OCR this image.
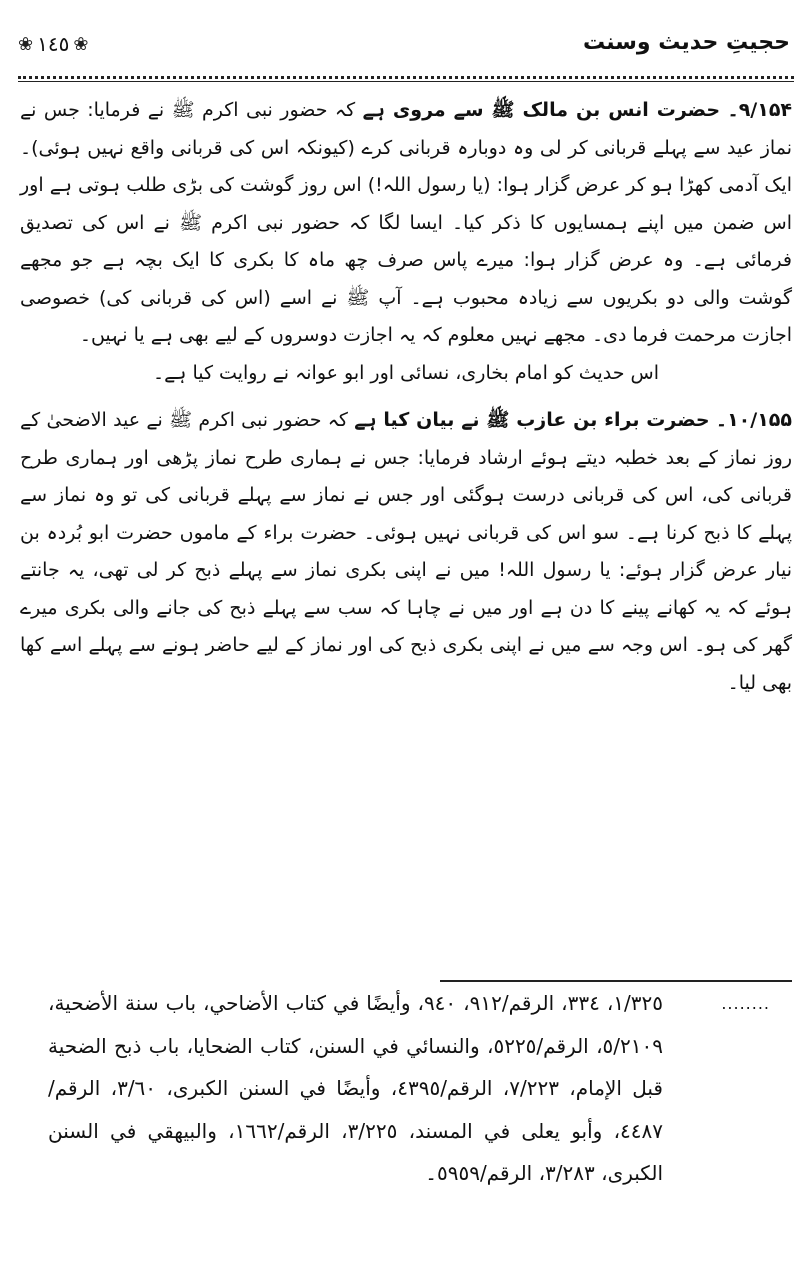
حجیتِ حدیث وسنت
❀ ١٤٥ ❀

۹/۱۵۴۔ حضرت انس بن مالک ﷺ سے مروی ہے کہ حضور نبی اکرم ﷺ نے فرمایا: جس نے نماز عید سے پہلے قربانی کر لی وہ دوبارہ قربانی کرے (کیونکہ اس کی قربانی واقع نہیں ہوئی)۔ ایک آدمی کھڑا ہو کر عرض گزار ہوا: (یا رسول اللہ!) اس روز گوشت کی بڑی طلب ہوتی ہے اور اس ضمن میں اپنے ہمسایوں کا ذکر کیا۔ ایسا لگا کہ حضور نبی اکرم ﷺ نے اس کی تصدیق فرمائی ہے۔ وہ عرض گزار ہوا: میرے پاس صرف چھ ماہ کا بکری کا ایک بچہ ہے جو مجھے گوشت والی دو بکریوں سے زیادہ محبوب ہے۔ آپ ﷺ نے اسے (اس کی قربانی کی) خصوصی اجازت مرحمت فرما دی۔ مجھے نہیں معلوم کہ یہ اجازت دوسروں کے لیے بھی ہے یا نہیں۔

اس حدیث کو امام بخاری، نسائی اور ابو عوانہ نے روایت کیا ہے۔

۱۰/۱۵۵۔ حضرت براء بن عازب ﷺ نے بیان کیا ہے کہ حضور نبی اکرم ﷺ نے عید الاضحیٰ کے روز نماز کے بعد خطبہ دیتے ہوئے ارشاد فرمایا: جس نے ہماری طرح نماز پڑھی اور ہماری طرح قربانی کی، اس کی قربانی درست ہوگئی اور جس نے نماز سے پہلے قربانی کی تو وہ نماز سے پہلے کا ذبح کرنا ہے۔ سو اس کی قربانی نہیں ہوئی۔ حضرت براء کے ماموں حضرت ابو بُردہ بن نیار عرض گزار ہوئے: یا رسول اللہ! میں نے اپنی بکری نماز سے پہلے ذبح کر لی تھی، یہ جانتے ہوئے کہ یہ کھانے پینے کا دن ہے اور میں نے چاہا کہ سب سے پہلے ذبح کی جانے والی بکری میرے گھر کی ہو۔ اس وجہ سے میں نے اپنی بکری ذبح کی اور نماز کے لیے حاضر ہونے سے پہلے اسے کھا بھی لیا۔

........
١/٣٢٥، ٣٣٤، الرقم/٩١٢، ٩٤٠، وأيضًا في كتاب الأضاحي، باب سنة الأضحية، ٥/٢١٠٩، الرقم/٥٢٢٥، والنسائي في السنن، كتاب الضحايا، باب ذبح الضحية قبل الإمام، ٧/٢٢٣، الرقم/٤٣٩٥، وأيضًا في السنن الكبرى، ٣/٦٠، الرقم/٤٤٨٧، وأبو يعلى في المسند، ٣/٢٢٥، الرقم/١٦٦٢، والبيهقي في السنن الكبرى، ٣/٢٨٣، الرقم/٥٩٥٩۔
